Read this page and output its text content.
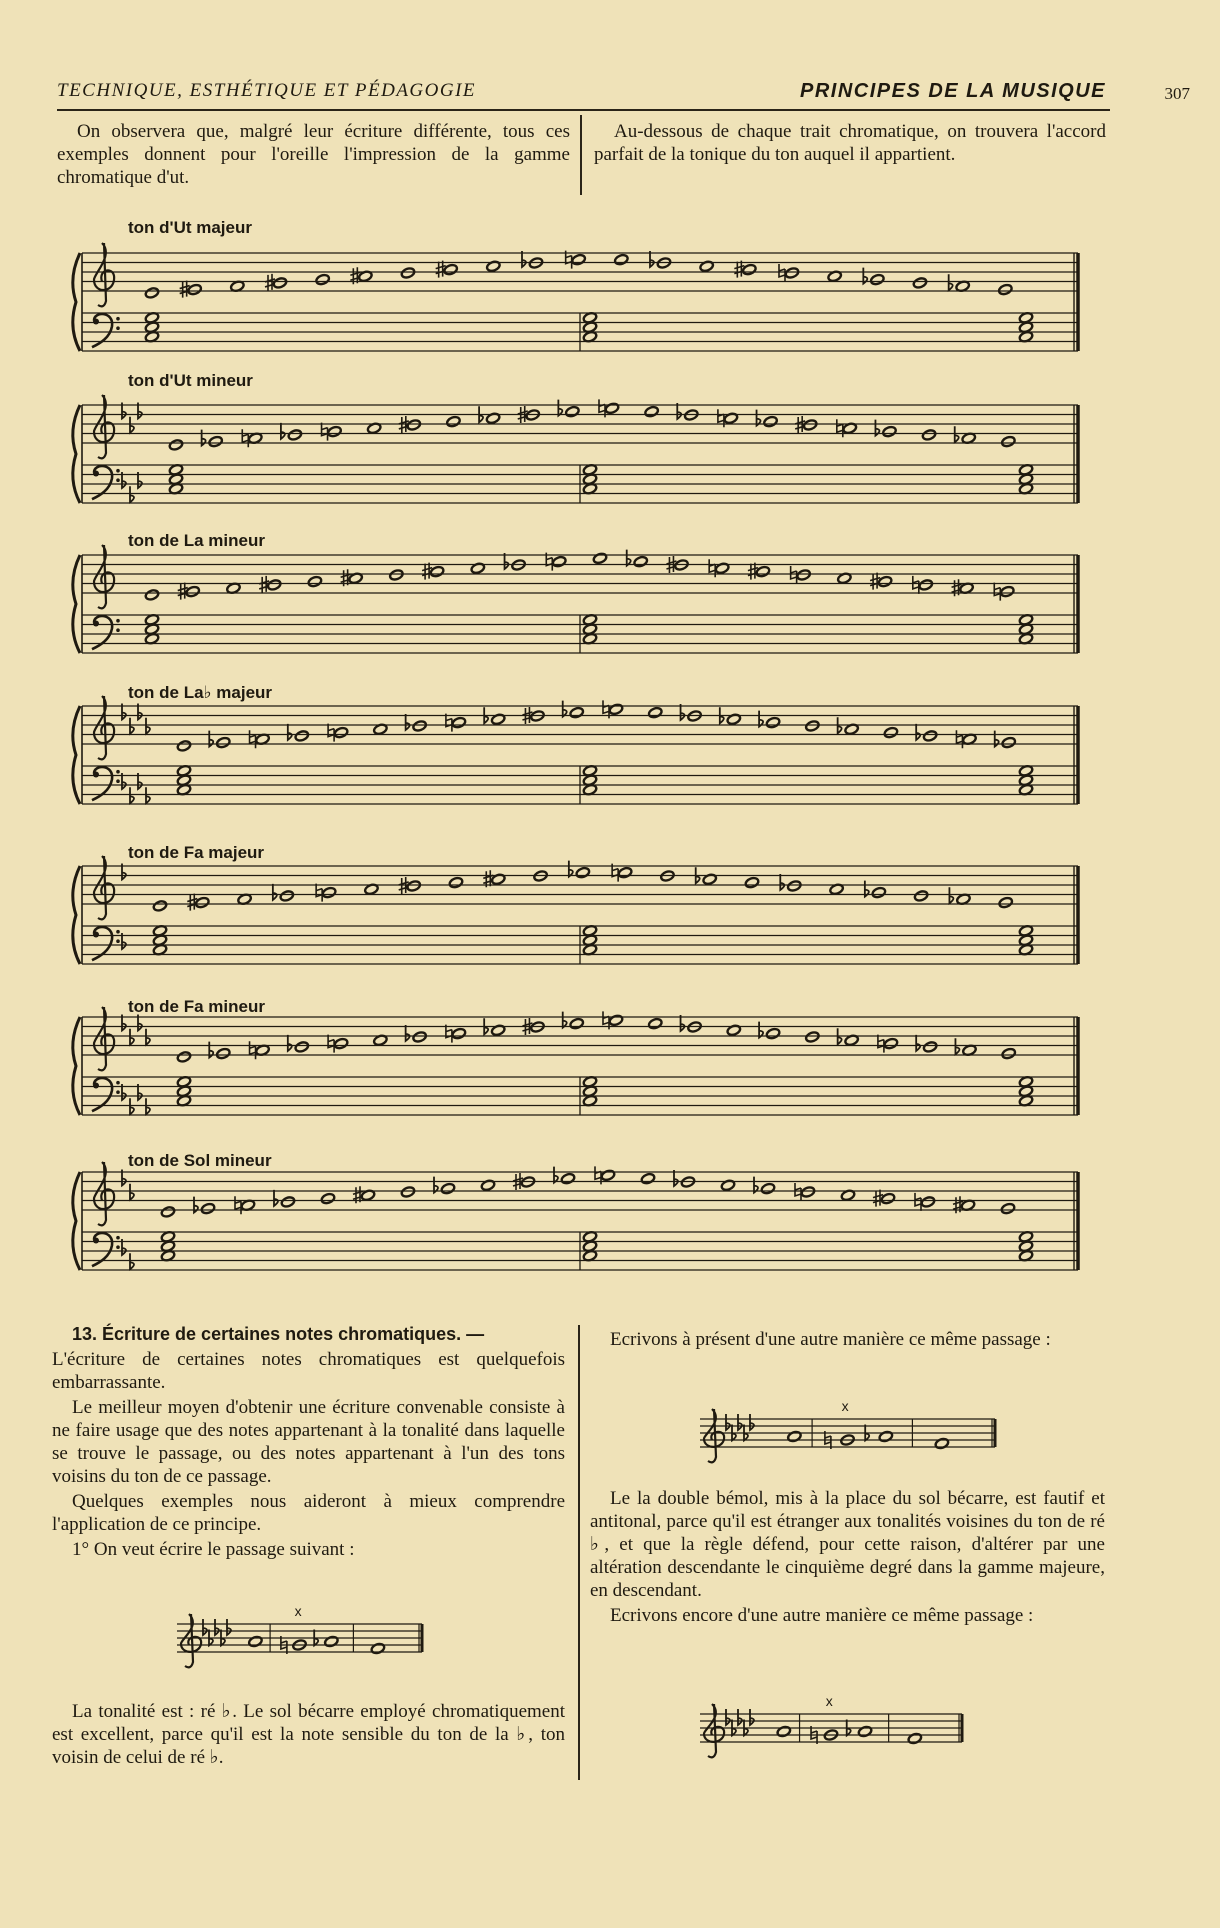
TECHNIQUE, ESTHÉTIQUE ET PÉDAGOGIE	PRINCIPES DE LA MUSIQUE	307

On observera que, malgré leur écriture différente, tous ces exemples donnent pour l'oreille l'impression de la gamme chromatique d'ut.

Au-dessous de chaque trait chromatique, on trouvera l'accord parfait de la tonique du ton auquel il appartient.

ton d'Ut majeur
ton d'Ut mineur
ton de La mineur
ton de La♭ majeur
ton de Fa majeur
ton de Fa mineur
ton de Sol mineur
x
x
x

13. Écriture de certaines notes chromatiques. —

L'écriture de certaines notes chromatiques est quelquefois embarrassante.

Le meilleur moyen d'obtenir une écriture convenable consiste à ne faire usage que des notes appartenant à la tonalité dans laquelle se trouve le passage, ou des notes appartenant à l'un des tons voisins du ton de ce passage.

Quelques exemples nous aideront à mieux comprendre l'application de ce principe.

1° On veut écrire le passage suivant :

La tonalité est : ré ♭. Le sol bécarre employé chromatiquement est excellent, parce qu'il est la note sensible du ton de la ♭, ton voisin de celui de ré ♭.

Ecrivons à présent d'une autre manière ce même passage :

Le la double bémol, mis à la place du sol bécarre, est fautif et antitonal, parce qu'il est étranger aux tonalités voisines du ton de ré ♭, et que la règle défend, pour cette raison, d'altérer par une altération descendante le cinquième degré dans la gamme majeure, en descendant.

Ecrivons encore d'une autre manière ce même passage :
